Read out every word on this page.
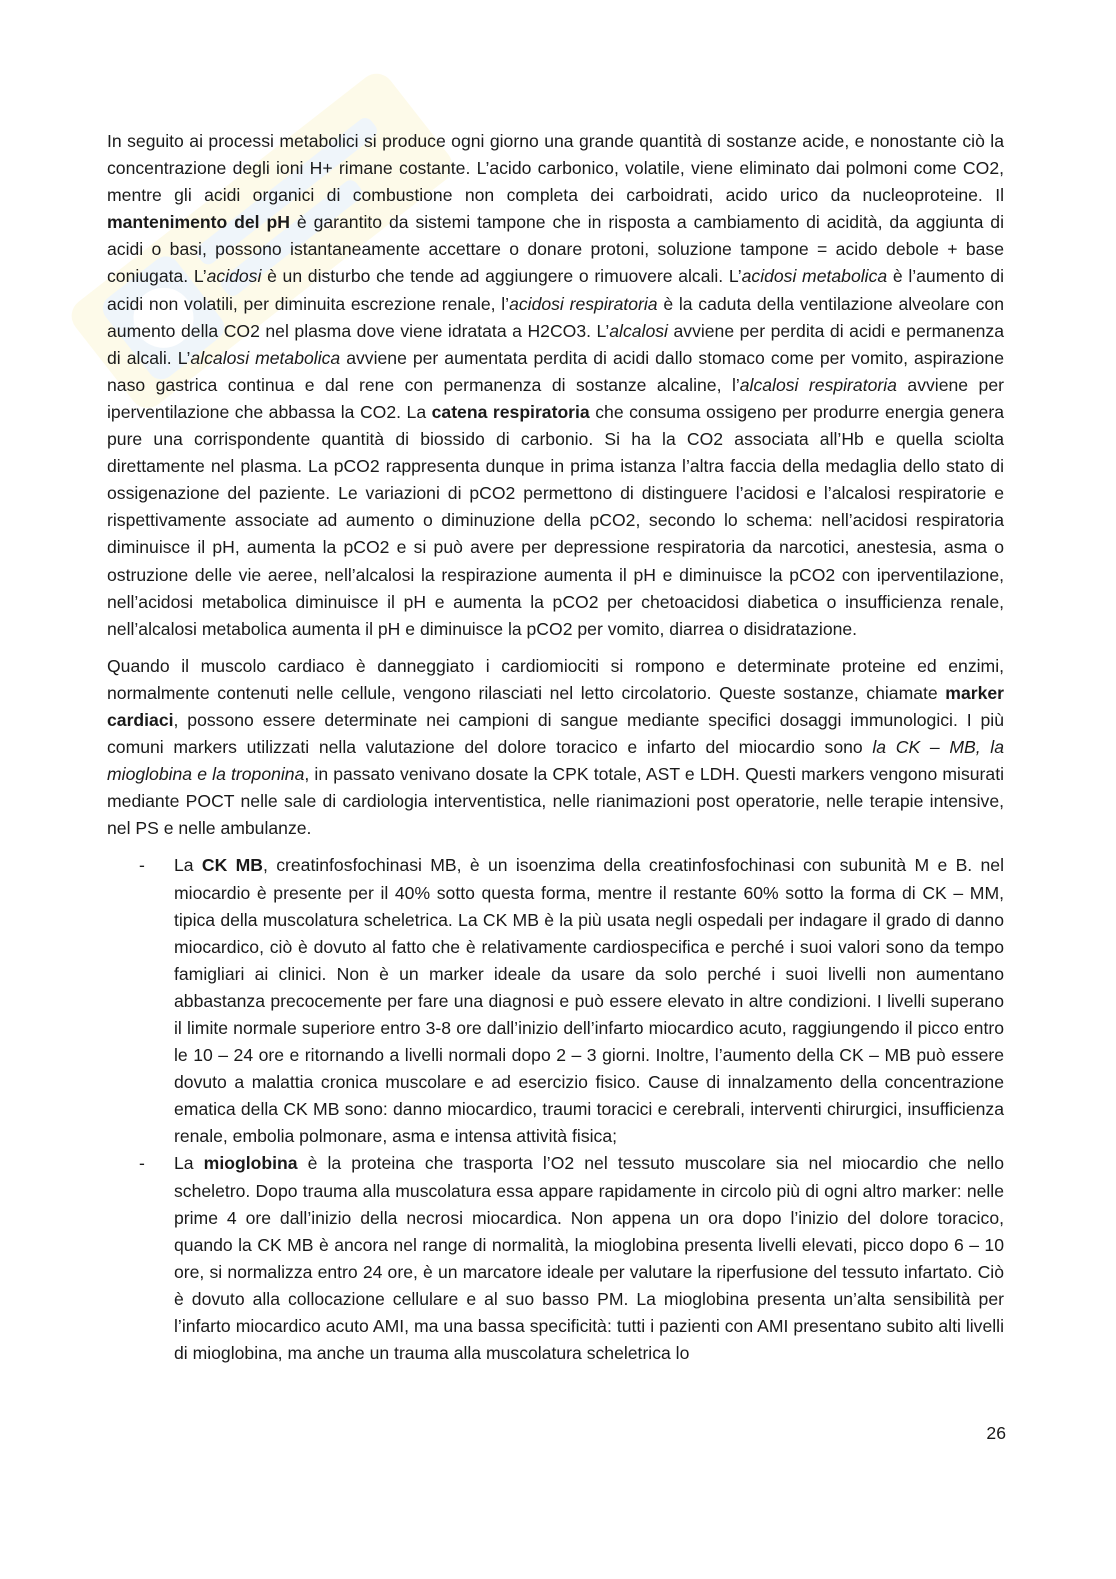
In seguito ai processi metabolici si produce ogni giorno una grande quantità di sostanze acide, e nonostante ciò la concentrazione degli ioni H+ rimane costante. L’acido carbonico, volatile, viene eliminato dai polmoni come CO2, mentre gli acidi organici di combustione non completa dei carboidrati, acido urico da nucleoproteine. Il mantenimento del pH è garantito da sistemi tampone che in risposta a cambiamento di acidità, da aggiunta di acidi o basi, possono istantaneamente accettare o donare protoni, soluzione tampone = acido debole + base coniugata. L’acidosi è un disturbo che tende ad aggiungere o rimuovere alcali. L’acidosi metabolica è l’aumento di acidi non volatili, per diminuita escrezione renale, l’acidosi respiratoria è la caduta della ventilazione alveolare con aumento della CO2 nel plasma dove viene idratata a H2CO3. L’alcalosi avviene per perdita di acidi e permanenza di alcali. L’alcalosi metabolica avviene per aumentata perdita di acidi dallo stomaco come per vomito, aspirazione naso gastrica continua e dal rene con permanenza di sostanze alcaline, l’alcalosi respiratoria avviene per iperventilazione che abbassa la CO2. La catena respiratoria che consuma ossigeno per produrre energia genera pure una corrispondente quantità di biossido di carbonio. Si ha la CO2 associata all’Hb e quella sciolta direttamente nel plasma. La pCO2 rappresenta dunque in prima istanza l’altra faccia della medaglia dello stato di ossigenazione del paziente. Le variazioni di pCO2 permettono di distinguere l’acidosi e l’alcalosi respiratorie e rispettivamente associate ad aumento o diminuzione della pCO2, secondo lo schema: nell’acidosi respiratoria diminuisce il pH, aumenta la pCO2 e si può avere per depressione respiratoria da narcotici, anestesia, asma o ostruzione delle vie aeree, nell’alcalosi la respirazione aumenta il pH e diminuisce la pCO2 con iperventilazione, nell’acidosi metabolica diminuisce il pH e aumenta la pCO2 per chetoacidosi diabetica o insufficienza renale, nell’alcalosi metabolica aumenta il pH e diminuisce la pCO2 per vomito, diarrea o disidratazione.

Quando il muscolo cardiaco è danneggiato i cardiomiociti si rompono e determinate proteine ed enzimi, normalmente contenuti nelle cellule, vengono rilasciati nel letto circolatorio. Queste sostanze, chiamate marker cardiaci, possono essere determinate nei campioni di sangue mediante specifici dosaggi immunologici. I più comuni markers utilizzati nella valutazione del dolore toracico e infarto del miocardio sono la CK – MB, la mioglobina e la troponina, in passato venivano dosate la CPK totale, AST e LDH. Questi markers vengono misurati mediante POCT nelle sale di cardiologia interventistica, nelle rianimazioni post operatorie, nelle terapie intensive, nel PS e nelle ambulanze.

- La CK MB, creatinfosfochinasi MB, è un isoenzima della creatinfosfochinasi con subunità M e B. nel miocardio è presente per il 40% sotto questa forma, mentre il restante 60% sotto la forma di CK – MM, tipica della muscolatura scheletrica. La CK MB è la più usata negli ospedali per indagare il grado di danno miocardico, ciò è dovuto al fatto che è relativamente cardiospecifica e perché i suoi valori sono da tempo famigliari ai clinici. Non è un marker ideale da usare da solo perché i suoi livelli non aumentano abbastanza precocemente per fare una diagnosi e può essere elevato in altre condizioni. I livelli superano il limite normale superiore entro 3-8 ore dall’inizio dell’infarto miocardico acuto, raggiungendo il picco entro le 10 – 24 ore e ritornando a livelli normali dopo 2 – 3 giorni. Inoltre, l’aumento della CK – MB può essere dovuto a malattia cronica muscolare e ad esercizio fisico. Cause di innalzamento della concentrazione ematica della CK MB sono: danno miocardico, traumi toracici e cerebrali, interventi chirurgici, insufficienza renale, embolia polmonare, asma e intensa attività fisica;
- La mioglobina è la proteina che trasporta l’O2 nel tessuto muscolare sia nel miocardio che nello scheletro. Dopo trauma alla muscolatura essa appare rapidamente in circolo più di ogni altro marker: nelle prime 4 ore dall’inizio della necrosi miocardica. Non appena un ora dopo l’inizio del dolore toracico, quando la CK MB è ancora nel range di normalità, la mioglobina presenta livelli elevati, picco dopo 6 – 10 ore, si normalizza entro 24 ore, è un marcatore ideale per valutare la riperfusione del tessuto infartato. Ciò è dovuto alla collocazione cellulare e al suo basso PM. La mioglobina presenta un’alta sensibilità per l’infarto miocardico acuto AMI, ma una bassa specificità: tutti i pazienti con AMI presentano subito alti livelli di mioglobina, ma anche un trauma alla muscolatura scheletrica lo
26
